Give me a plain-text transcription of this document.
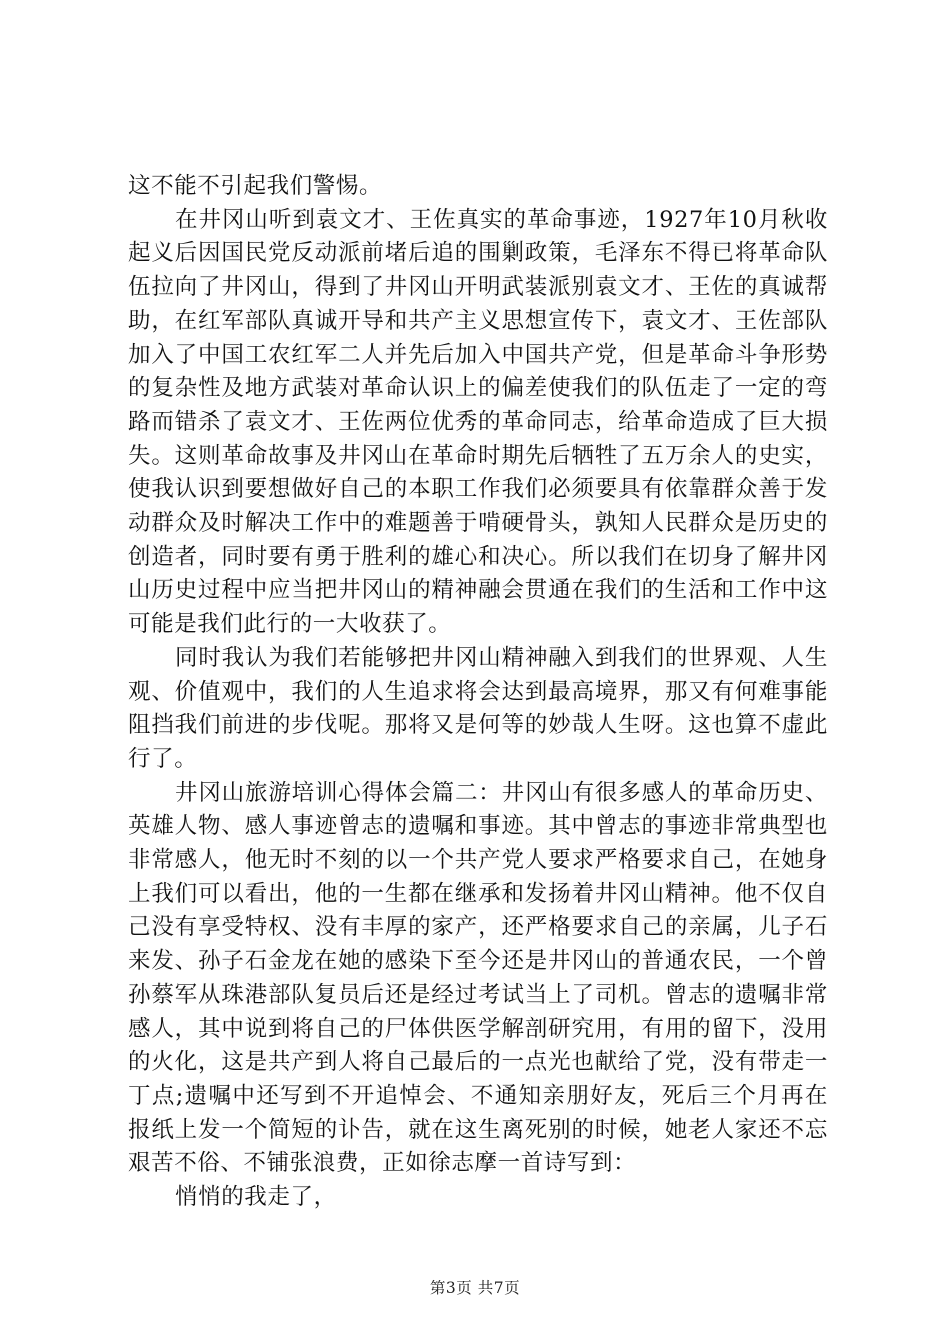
这不能不引起我们警惕。

在井冈山听到袁文才、王佐真实的革命事迹，1927年10月秋收起义后因国民党反动派前堵后追的围剿政策，毛泽东不得已将革命队伍拉向了井冈山，得到了井冈山开明武装派别袁文才、王佐的真诚帮助，在红军部队真诚开导和共产主义思想宣传下，袁文才、王佐部队加入了中国工农红军二人并先后加入中国共产党，但是革命斗争形势的复杂性及地方武装对革命认识上的偏差使我们的队伍走了一定的弯路而错杀了袁文才、王佐两位优秀的革命同志，给革命造成了巨大损失。这则革命故事及井冈山在革命时期先后牺牲了五万余人的史实，使我认识到要想做好自己的本职工作我们必须要具有依靠群众善于发动群众及时解决工作中的难题善于啃硬骨头，孰知人民群众是历史的创造者，同时要有勇于胜利的雄心和决心。所以我们在切身了解井冈山历史过程中应当把井冈山的精神融会贯通在我们的生活和工作中这可能是我们此行的一大收获了。

同时我认为我们若能够把井冈山精神融入到我们的世界观、人生观、价值观中，我们的人生追求将会达到最高境界，那又有何难事能阻挡我们前进的步伐呢。那将又是何等的妙哉人生呀。这也算不虚此行了。

井冈山旅游培训心得体会篇二：井冈山有很多感人的革命历史、英雄人物、感人事迹曾志的遗嘱和事迹。其中曾志的事迹非常典型也非常感人，他无时不刻的以一个共产党人要求严格要求自己，在她身上我们可以看出，他的一生都在继承和发扬着井冈山精神。他不仅自己没有享受特权、没有丰厚的家产，还严格要求自己的亲属，儿子石来发、孙子石金龙在她的感染下至今还是井冈山的普通农民，一个曾孙蔡军从珠港部队复员后还是经过考试当上了司机。曾志的遗嘱非常感人，其中说到将自己的尸体供医学解剖研究用，有用的留下，没用的火化，这是共产到人将自己最后的一点光也献给了党，没有带走一丁点;遗嘱中还写到不开追悼会、不通知亲朋好友，死后三个月再在报纸上发一个简短的讣告，就在这生离死别的时候，她老人家还不忘艰苦不俗、不铺张浪费，正如徐志摩一首诗写到：

悄悄的我走了，

第3页 共7页
